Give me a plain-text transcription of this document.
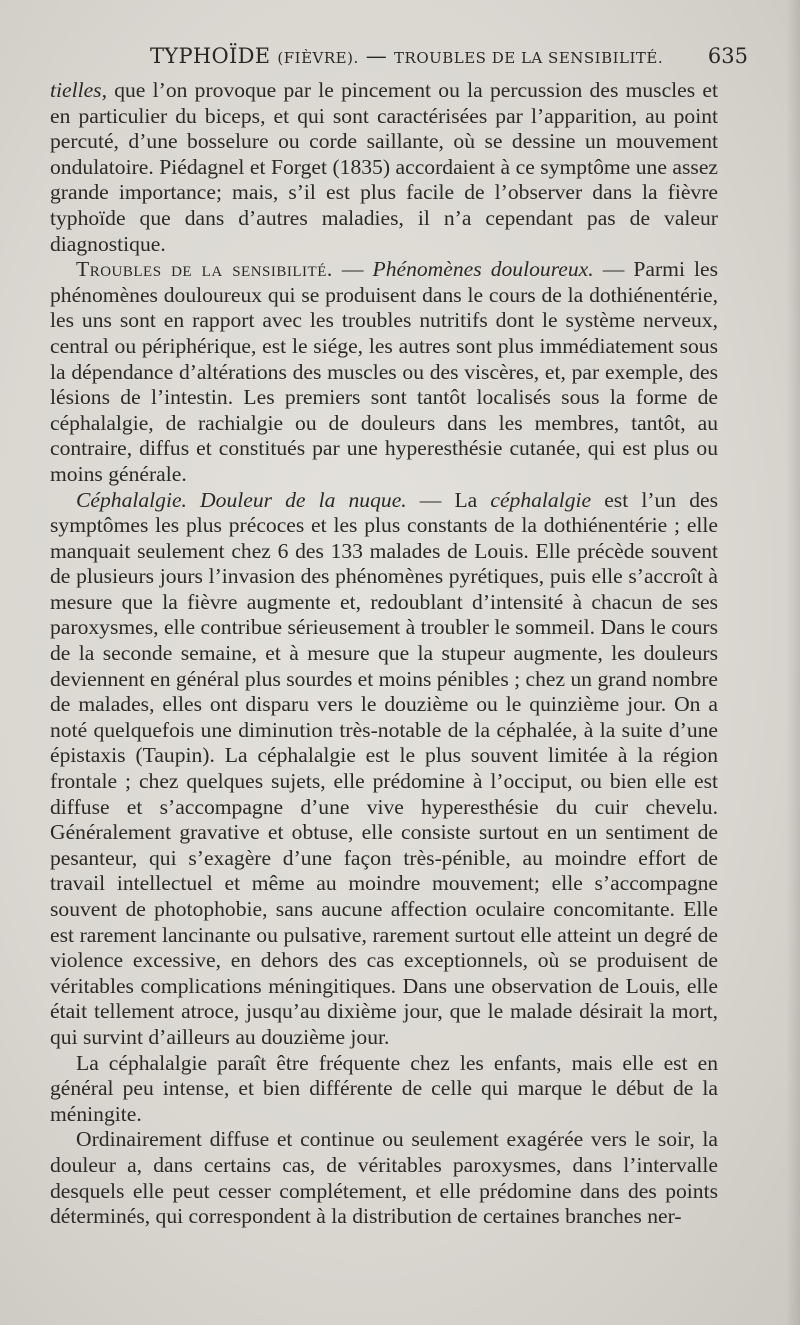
TYPHOÏDE (FIÈVRE). — TROUBLES DE LA SENSIBILITÉ. 635

tielles, que l’on provoque par le pincement ou la percussion des muscles et en particulier du biceps, et qui sont caractérisées par l’apparition, au point percuté, d’une bosselure ou corde saillante, où se dessine un mouvement ondulatoire. Piédagnel et Forget (1835) accordaient à ce symptôme une assez grande importance; mais, s’il est plus facile de l’observer dans la fièvre typhoïde que dans d’autres maladies, il n’a cependant pas de valeur diagnostique.

Troubles de la sensibilité. — Phénomènes douloureux. — Parmi les phénomènes douloureux qui se produisent dans le cours de la dothiénentérie, les uns sont en rapport avec les troubles nutritifs dont le système nerveux, central ou périphérique, est le siége, les autres sont plus immédiatement sous la dépendance d’altérations des muscles ou des viscères, et, par exemple, des lésions de l’intestin. Les premiers sont tantôt localisés sous la forme de céphalalgie, de rachialgie ou de douleurs dans les membres, tantôt, au contraire, diffus et constitués par une hyperesthésie cutanée, qui est plus ou moins générale.

Céphalalgie. Douleur de la nuque. — La céphalalgie est l’un des symptômes les plus précoces et les plus constants de la dothiénentérie ; elle manquait seulement chez 6 des 133 malades de Louis. Elle précède souvent de plusieurs jours l’invasion des phénomènes pyrétiques, puis elle s’accroît à mesure que la fièvre augmente et, redoublant d’intensité à chacun de ses paroxysmes, elle contribue sérieusement à troubler le sommeil. Dans le cours de la seconde semaine, et à mesure que la stupeur augmente, les douleurs deviennent en général plus sourdes et moins pénibles ; chez un grand nombre de malades, elles ont disparu vers le douzième ou le quinzième jour. On a noté quelquefois une diminution très-notable de la céphalée, à la suite d’une épistaxis (Taupin). La céphalalgie est le plus souvent limitée à la région frontale ; chez quelques sujets, elle prédomine à l’occiput, ou bien elle est diffuse et s’accompagne d’une vive hyperesthésie du cuir chevelu. Généralement gravative et obtuse, elle consiste surtout en un sentiment de pesanteur, qui s’exagère d’une façon très-pénible, au moindre effort de travail intellectuel et même au moindre mouvement; elle s’accompagne souvent de photophobie, sans aucune affection oculaire concomitante. Elle est rarement lancinante ou pulsative, rarement surtout elle atteint un degré de violence excessive, en dehors des cas exceptionnels, où se produisent de véritables complications méningitiques. Dans une observation de Louis, elle était tellement atroce, jusqu’au dixième jour, que le malade désirait la mort, qui survint d’ailleurs au douzième jour.

La céphalalgie paraît être fréquente chez les enfants, mais elle est en général peu intense, et bien différente de celle qui marque le début de la méningite.

Ordinairement diffuse et continue ou seulement exagérée vers le soir, la douleur a, dans certains cas, de véritables paroxysmes, dans l’intervalle desquels elle peut cesser complétement, et elle prédomine dans des points déterminés, qui correspondent à la distribution de certaines branches ner-
